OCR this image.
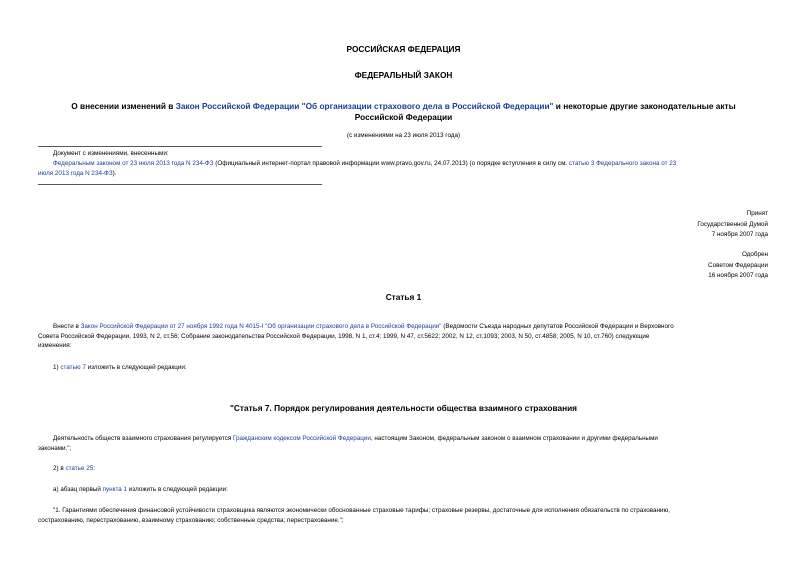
РОССИЙСКАЯ ФЕДЕРАЦИЯ
ФЕДЕРАЛЬНЫЙ ЗАКОН
О внесении изменений в Закон Российской Федерации "Об организации страхового дела в Российской Федерации" и некоторые другие законодательные акты
Российской Федерации
(с изменениями на 23 июля 2013 года)
Документ с изменениями, внесенными:
Федеральным законом от 23 июля 2013 года N 234-ФЗ (Официальный интернет-портал правовой информации www.pravo.gov.ru, 24.07.2013) (о порядке вступления в силу см. статью 3 Федерального закона от 23
июля 2013 года N 234-ФЗ).
Принят
Государственной Думой
7 ноября 2007 года
Одобрен
Советом Федерации
16 ноября 2007 года
Статья 1
Внести в Закон Российской Федерации от 27 ноября 1992 года N 4015-I "Об организации страхового дела в Российской Федерации" (Ведомости Съезда народных депутатов Российской Федерации и Верховного
Совета Российской Федерации, 1993, N 2, ст.56; Собрание законодательства Российской Федерации, 1998, N 1, ст.4; 1999, N 47, ст.5622; 2002, N 12, ст.1093; 2003, N 50, ст.4858; 2005, N 10, ст.760) следующие
изменения:
1) статью 7 изложить в следующей редакции:
"Статья 7. Порядок регулирования деятельности общества взаимного страхования
Деятельность обществ взаимного страхования регулируется Гражданским кодексом Российской Федерации, настоящим Законом, федеральным законом о взаимном страховании и другими федеральными
законами.";
2) в статье 25:
а) абзац первый пункта 1 изложить в следующей редакции:
"1. Гарантиями обеспечения финансовой устойчивости страховщика являются экономически обоснованные страховые тарифы; страховые резервы, достаточные для исполнения обязательств по страхованию,
сострахованию, перестрахованию, взаимному страхованию; собственные средства; перестрахование.";
